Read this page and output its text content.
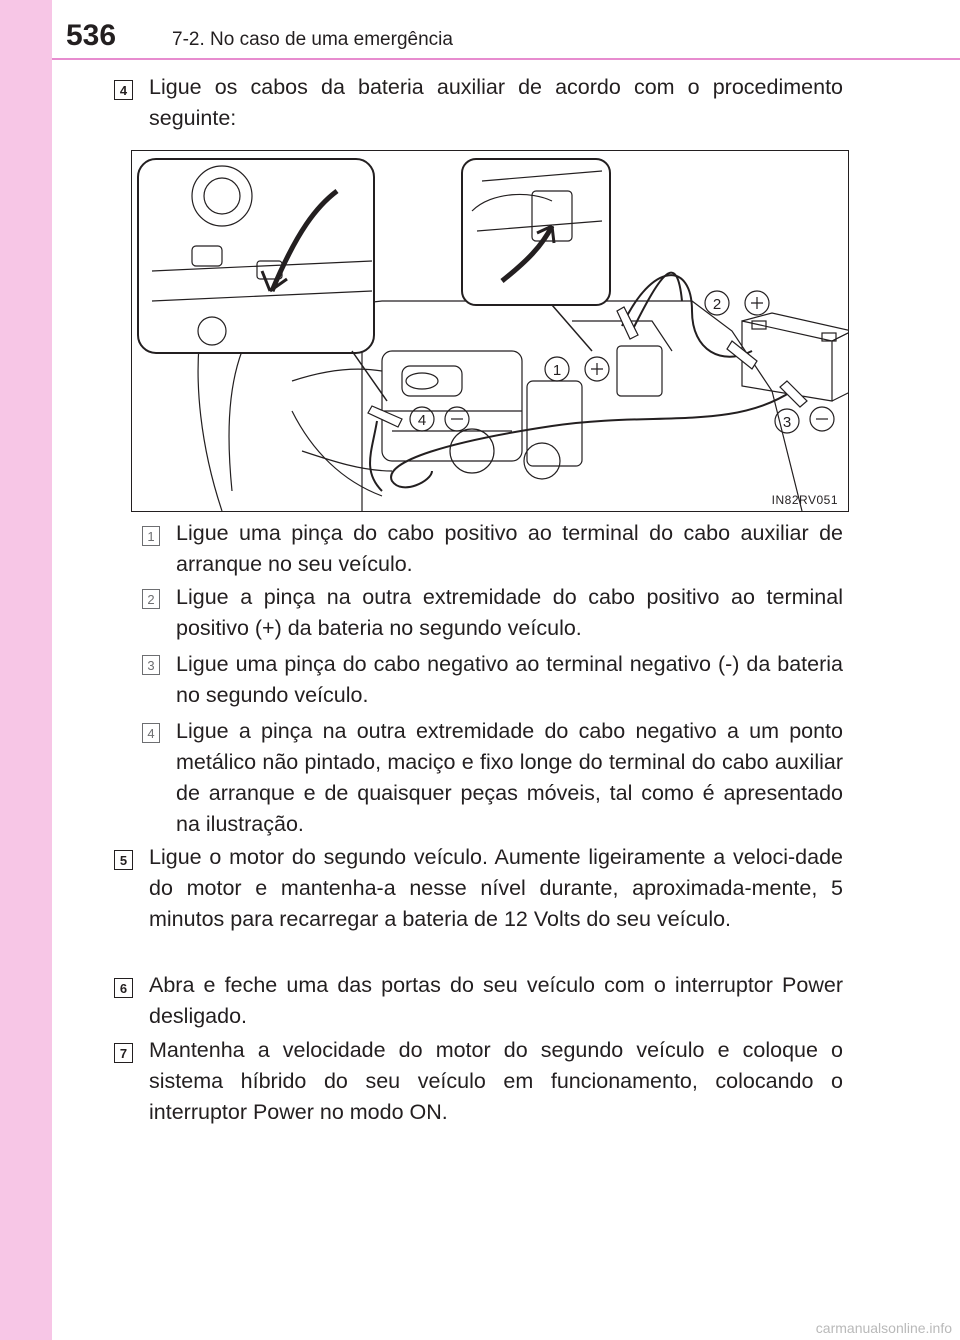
536	7-2. No caso de uma emergência
4 Ligue os cabos da bateria auxiliar de acordo com o procedimento seguinte:

1
2
3
4
IN82RV051
1 Ligue uma pinça do cabo positivo ao terminal do cabo auxiliar de arranque no seu veículo.

2 Ligue a pinça na outra extremidade do cabo positivo ao terminal positivo (+) da bateria no segundo veículo.

3 Ligue uma pinça do cabo negativo ao terminal negativo (-) da bateria no segundo veículo.

4 Ligue a pinça na outra extremidade do cabo negativo a um ponto metálico não pintado, maciço e fixo longe do terminal do cabo auxiliar de arranque e de quaisquer peças móveis, tal como é apresentado na ilustração.

5 Ligue o motor do segundo veículo. Aumente ligeiramente a veloci-dade do motor e mantenha-a nesse nível durante, aproximada-mente, 5 minutos para recarregar a bateria de 12 Volts do seu veículo.

6 Abra e feche uma das portas do seu veículo com o interruptor Power desligado.

7 Mantenha a velocidade do motor do segundo veículo e coloque o sistema híbrido do seu veículo em funcionamento, colocando o interruptor Power no modo ON.

carmanualsonline.info
